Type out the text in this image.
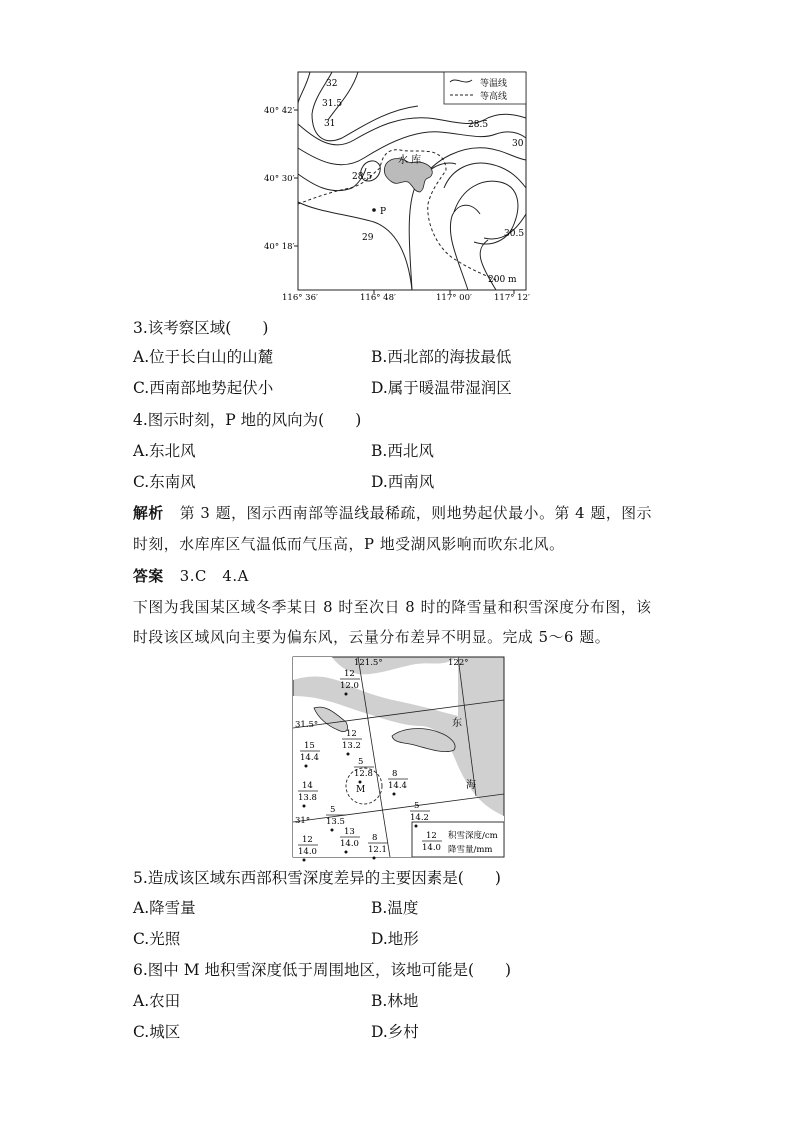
等温线
等高线
32
31.5
31	28.5
30
28.5
29	30.5
200 m
水 库
P
40° 42′
40° 30′
40° 18′
116° 36′	116° 48′	117° 00′	117° 12′
3.该考察区域(　　)
A.位于长白山的山麓	B.西北部的海拔最低
C.西南部地势起伏小	D.属于暖温带湿润区
4.图示时刻，P 地的风向为(　　)
A.东北风	B.西北风
C.东南风	D.西南风
解析 第 3 题，图示西南部等温线最稀疏，则地势起伏最小。第 4 题，图示
时刻，水库库区气温低而气压高，P 地受湖风影响而吹东北风。
答案 3.C　4.A
下图为我国某区域冬季某日 8 时至次日 8 时的降雪量和积雪深度分布图，该
时段该区域风向主要为偏东风，云量分布差异不明显。完成 5～6 题。
12
14.0
积雪深度/cm
降雪量/mm
121.5°	122°
31.5°
31°
东
海
M
12
12.0
12
13.2
15
14.4	5
12.8 8
14.4
14
13.8
5
13.5
5
14.2
13
14.0
12
14.0
8
12.1
5.造成该区域东西部积雪深度差异的主要因素是(　　)
A.降雪量	B.温度
C.光照	D.地形
6.图中 M 地积雪深度低于周围地区，该地可能是(　　)
A.农田	B.林地
C.城区	D.乡村
